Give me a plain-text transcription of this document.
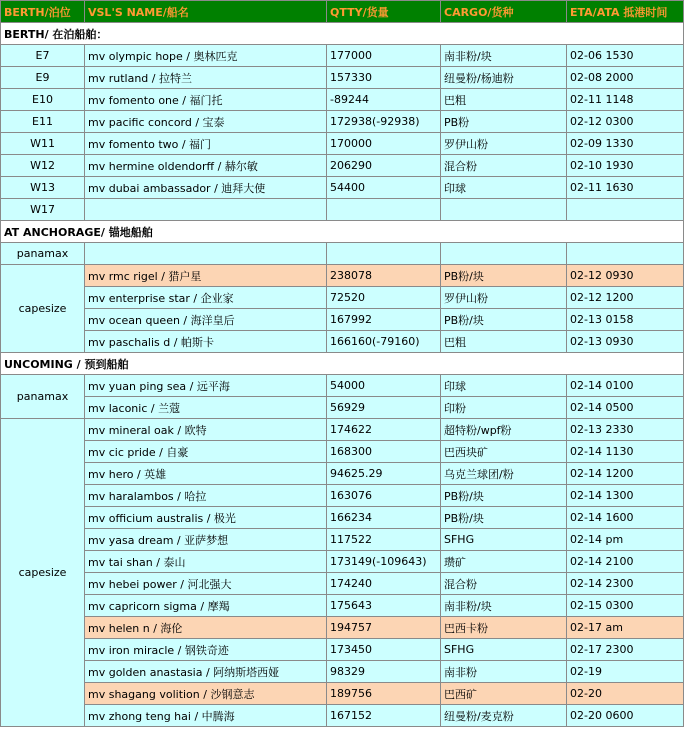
BERTH/泊位	VSL'S NAME/船名	QTTY/货量	CARGO/货种	ETA/ATA 抵港时间
BERTH/ 在泊船舶：				
E7	mv olympic hope / 奥林匹克	177000	南非粉/块	02-06 1530
E9	mv rutland / 拉特兰	157330	纽曼粉/杨迪粉	02-08 2000
E10	mv fomento one / 福门托	-89244	巴粗	02-11 1148
E11	mv pacific concord / 宝泰	172938(-92938)	PB粉	02-12 0300
W11	mv fomento two / 福门	170000	罗伊山粉	02-09 1330
W12	mv hermine oldendorff / 赫尔敏	206290	混合粉	02-10 1930
W13	mv dubai ambassador / 迪拜大使	54400	印球	02-11 1630
W17				
AT ANCHORAGE/ 锚地船舶				
panamax				
capesize	mv rmc rigel / 猎户星	238078	PB粉/块	02-12 0930
	mv enterprise star / 企业家	72520	罗伊山粉	02-12 1200
	mv ocean queen / 海洋皇后	167992	PB粉/块	02-13 0158
	mv paschalis d / 帕斯卡	166160(-79160)	巴粗	02-13 0930
UNCOMING / 预到船舶				
panamax	mv yuan ping sea / 远平海	54000	印球	02-14 0100
	mv laconic / 兰蔻	56929	印粉	02-14 0500
capesize	mv mineral oak / 欧特	174622	超特粉/wpf粉	02-13 2330
	mv cic pride / 自豪	168300	巴西块矿	02-14 1130
	mv hero / 英雄	94625.29	乌克兰球团/粉	02-14 1200
	mv haralambos / 哈拉	163076	PB粉/块	02-14 1300
	mv officium australis / 极光	166234	PB粉/块	02-14 1600
	mv yasa dream / 亚萨梦想	117522	SFHG	02-14 pm
	mv tai shan / 泰山	173149(-109643)	瓒矿	02-14 2100
	mv hebei power / 河北强大	174240	混合粉	02-14 2300
	mv capricorn sigma / 摩羯	175643	南非粉/块	02-15 0300
	mv helen n / 海伦	194757	巴西卡粉	02-17 am
	mv iron miracle / 钢铁奇迹	173450	SFHG	02-17 2300
	mv golden anastasia / 阿纳斯塔西娅	98329	南非粉	02-19
	mv shagang volition / 沙钢意志	189756	巴西矿	02-20
	mv zhong teng hai / 中腾海	167152	纽曼粉/麦克粉	02-20 0600
